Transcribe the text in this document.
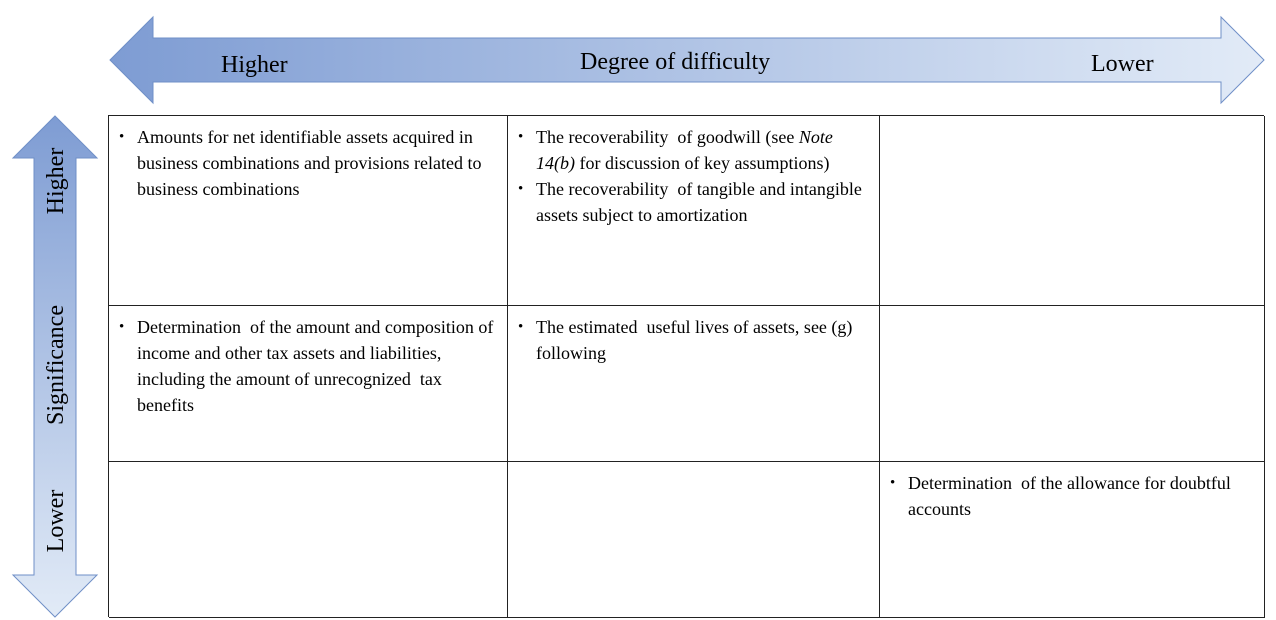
Higher	Degree of difficulty	Lower
Higher
Significance
Lower
• Amounts for net identifiable assets acquired in business combinations and provisions related to business combinations
• The recoverability  of goodwill (see Note 14(b) for discussion of key assumptions)
• The recoverability  of tangible and intangible assets subject to amortization
• Determination  of the amount and composition of income and other tax assets and liabilities, including the amount of unrecognized  tax benefits
• The estimated  useful lives of assets, see (g) following
• Determination  of the allowance for doubtful accounts
